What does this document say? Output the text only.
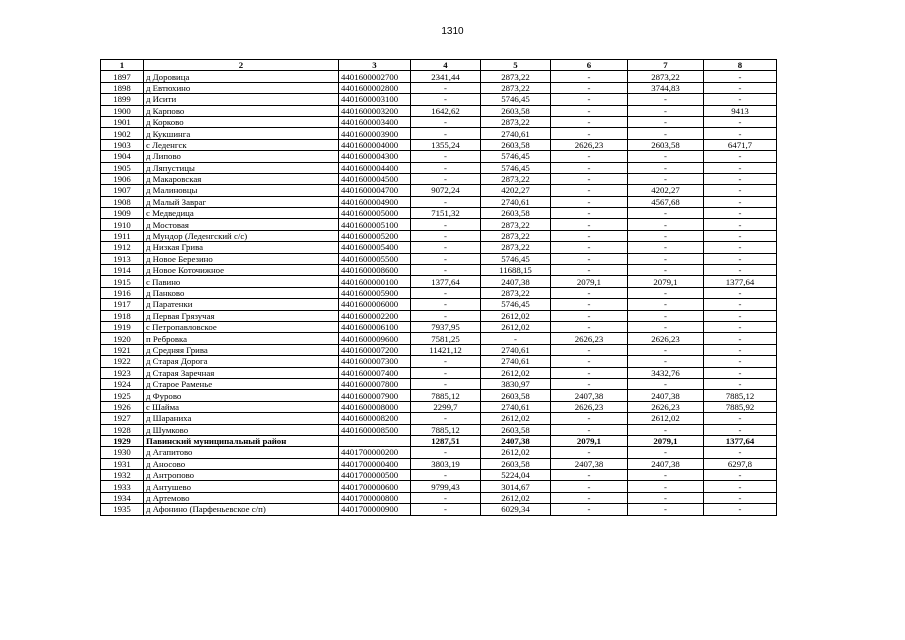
1310
1	2	3	4	5	6	7	8
1897	д Доровица	4401600002700	2341,44	2873,22	-	2873,22	-
1898	д Евтюхино	4401600002800	-	2873,22	-	3744,83	-
1899	д Исити	4401600003100	-	5746,45	-	-	-
1900	д Карпово	4401600003200	1642,62	2603,58	-	-	9413
1901	д Корково	4401600003400	-	2873,22	-	-	-
1902	д Кукшинга	4401600003900	-	2740,61	-	-	-
1903	с Леденгск	4401600004000	1355,24	2603,58	2626,23	2603,58	6471,7
1904	д Липово	4401600004300	-	5746,45	-	-	-
1905	д Ляпустицы	4401600004400	-	5746,45	-	-	-
1906	д Макаровская	4401600004500	-	2873,22	-	-	-
1907	д Малиновцы	4401600004700	9072,24	4202,27	-	4202,27	-
1908	д Малый Завраг	4401600004900	-	2740,61	-	4567,68	-
1909	с Медведица	4401600005000	7151,32	2603,58	-	-	-
1910	д Мостовая	4401600005100	-	2873,22	-	-	-
1911	д Мундор (Леденгский с/с)	4401600005200	-	2873,22	-	-	-
1912	д Низкая Грива	4401600005400	-	2873,22	-	-	-
1913	д Новое Березино	4401600005500	-	5746,45	-	-	-
1914	д Новое Коточижное	4401600008600	-	11688,15	-	-	-
1915	с Павино	4401600000100	1377,64	2407,38	2079,1	2079,1	1377,64
1916	д Панково	4401600005900	-	2873,22	-	-	-
1917	д Паратенки	4401600006000	-	5746,45	-	-	-
1918	д Первая Грязучая	4401600002200	-	2612,02	-	-	-
1919	с Петропавловское	4401600006100	7937,95	2612,02	-	-	-
1920	п Ребровка	4401600009600	7581,25	-	2626,23	2626,23	-
1921	д Средняя Грива	4401600007200	11421,12	2740,61	-	-	-
1922	д Старая Дорога	4401600007300	-	2740,61	-	-	-
1923	д Старая Заречная	4401600007400	-	2612,02	-	3432,76	-
1924	д Старое Раменье	4401600007800	-	3830,97	-	-	-
1925	д Фурово	4401600007900	7885,12	2603,58	2407,38	2407,38	7885,12
1926	с Шайма	4401600008000	2299,7	2740,61	2626,23	2626,23	7885,92
1927	д Шараниха	4401600008200	-	2612,02	-	2612,02	-
1928	д Шумково	4401600008500	7885,12	2603,58	-	-	-
1929	Павинский муниципальный район		1287,51	2407,38	2079,1	2079,1	1377,64
1930	д Агапитово	4401700000200	-	2612,02	-	-	-
1931	д Аносово	4401700000400	3803,19	2603,58	2407,38	2407,38	6297,8
1932	д Антропово	4401700000500	-	5224,04	-	-	-
1933	д Антушево	4401700000600	9799,43	3014,67	-	-	-
1934	д Артемово	4401700000800	-	2612,02	-	-	-
1935	д Афонино (Парфеньевское с/п)	4401700000900	-	6029,34	-	-	-
